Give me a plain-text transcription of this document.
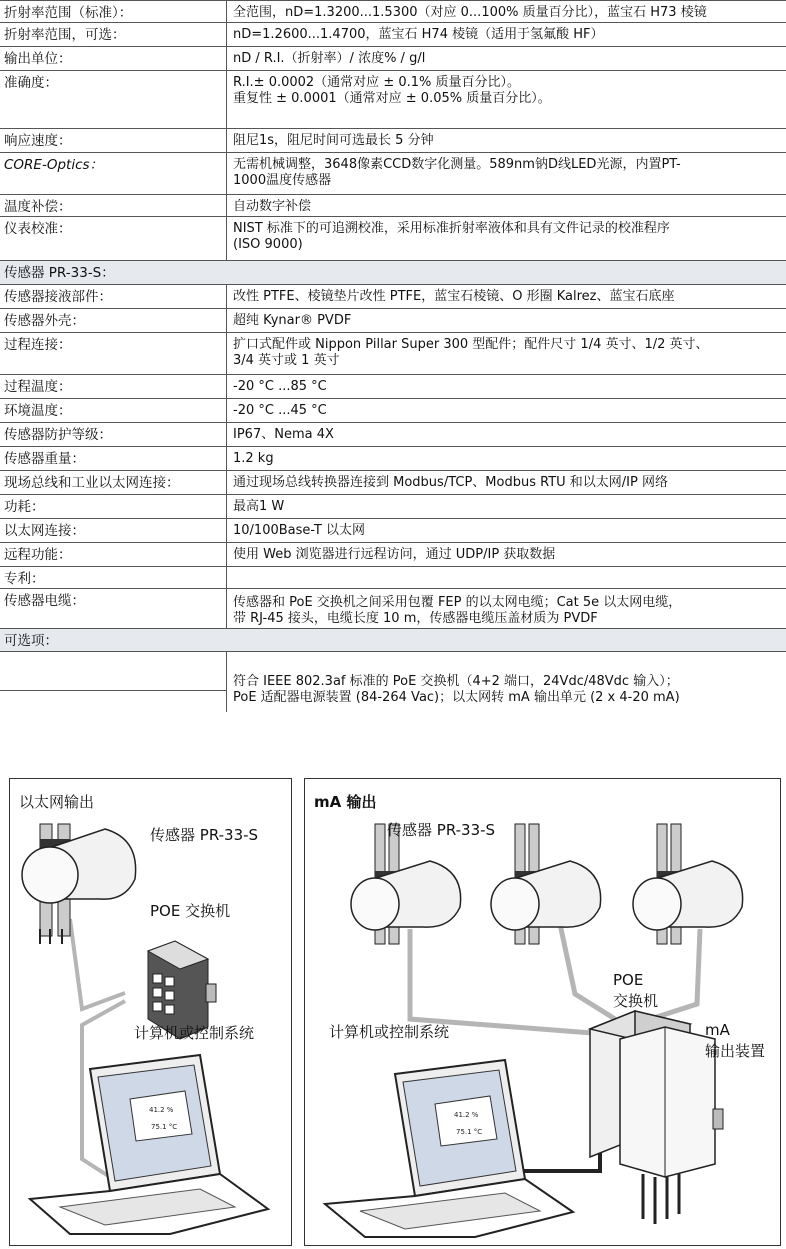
折射率范围（标准）：	全范围，nD=1.3200...1.5300（对应 0...100% 质量百分比），蓝宝石 H73 棱镜
折射率范围，可选：	nD=1.2600...1.4700，蓝宝石 H74 棱镜（适用于氢氟酸 HF）
输出单位：	nD / R.I.（折射率）/ 浓度% / g/l
准确度：	R.I.± 0.0002（通常对应 ± 0.1% 质量百分比）。
重复性 ± 0.0001（通常对应 ± 0.05% 质量百分比）。
响应速度：	阻尼1s，阻尼时间可选最长 5 分钟
CORE-Optics：	无需机械调整，3648像素CCD数字化测量。589nm钠D线LED光源，内置PT-
1000温度传感器
温度补偿：	自动数字补偿
仪表校准：	NIST 标准下的可追溯校准，采用标准折射率液体和具有文件记录的校准程序
(ISO 9000)
传感器 PR-33-S：
传感器接液部件：	改性 PTFE、棱镜垫片改性 PTFE，蓝宝石棱镜、O 形圈 Kalrez、蓝宝石底座
传感器外壳：	超纯 Kynar® PVDF
过程连接：	扩口式配件或 Nippon Pillar Super 300 型配件；配件尺寸 1/4 英寸、1/2 英寸、
3/4 英寸或 1 英寸
过程温度：	-20 °C ...85 °C
环境温度：	-20 °C ...45 °C
传感器防护等级：	IP67、Nema 4X
传感器重量：	1.2 kg
现场总线和工业以太网连接：	通过现场总线转换器连接到 Modbus/TCP、Modbus RTU 和以太网/IP 网络
功耗：	最高1 W
以太网连接：	10/100Base-T 以太网
远程功能：	使用 Web 浏览器进行远程访问，通过 UDP/IP 获取数据
专利：
传感器电缆：	传感器和 PoE 交换机之间采用包覆 FEP 的以太网电缆；Cat 5e 以太网电缆，
带 RJ-45 接头，电缆长度 10 m，传感器电缆压盖材质为 PVDF
可选项：
符合 IEEE 802.3af 标准的 PoE 交换机（4+2 端口，24Vdc/48Vdc 输入）；
PoE 适配器电源装置 (84-264 Vac)；以太网转 mA 输出单元 (2 x 4-20 mA)
41.2 %
75.1 °C
以太网输出
传感器 PR-33-S
POE 交换机
计算机或控制系统
41.2 %
75.1 °C
mA 输出
传感器 PR-33-S
POE
交换机
计算机或控制系统	mA
输出装置
